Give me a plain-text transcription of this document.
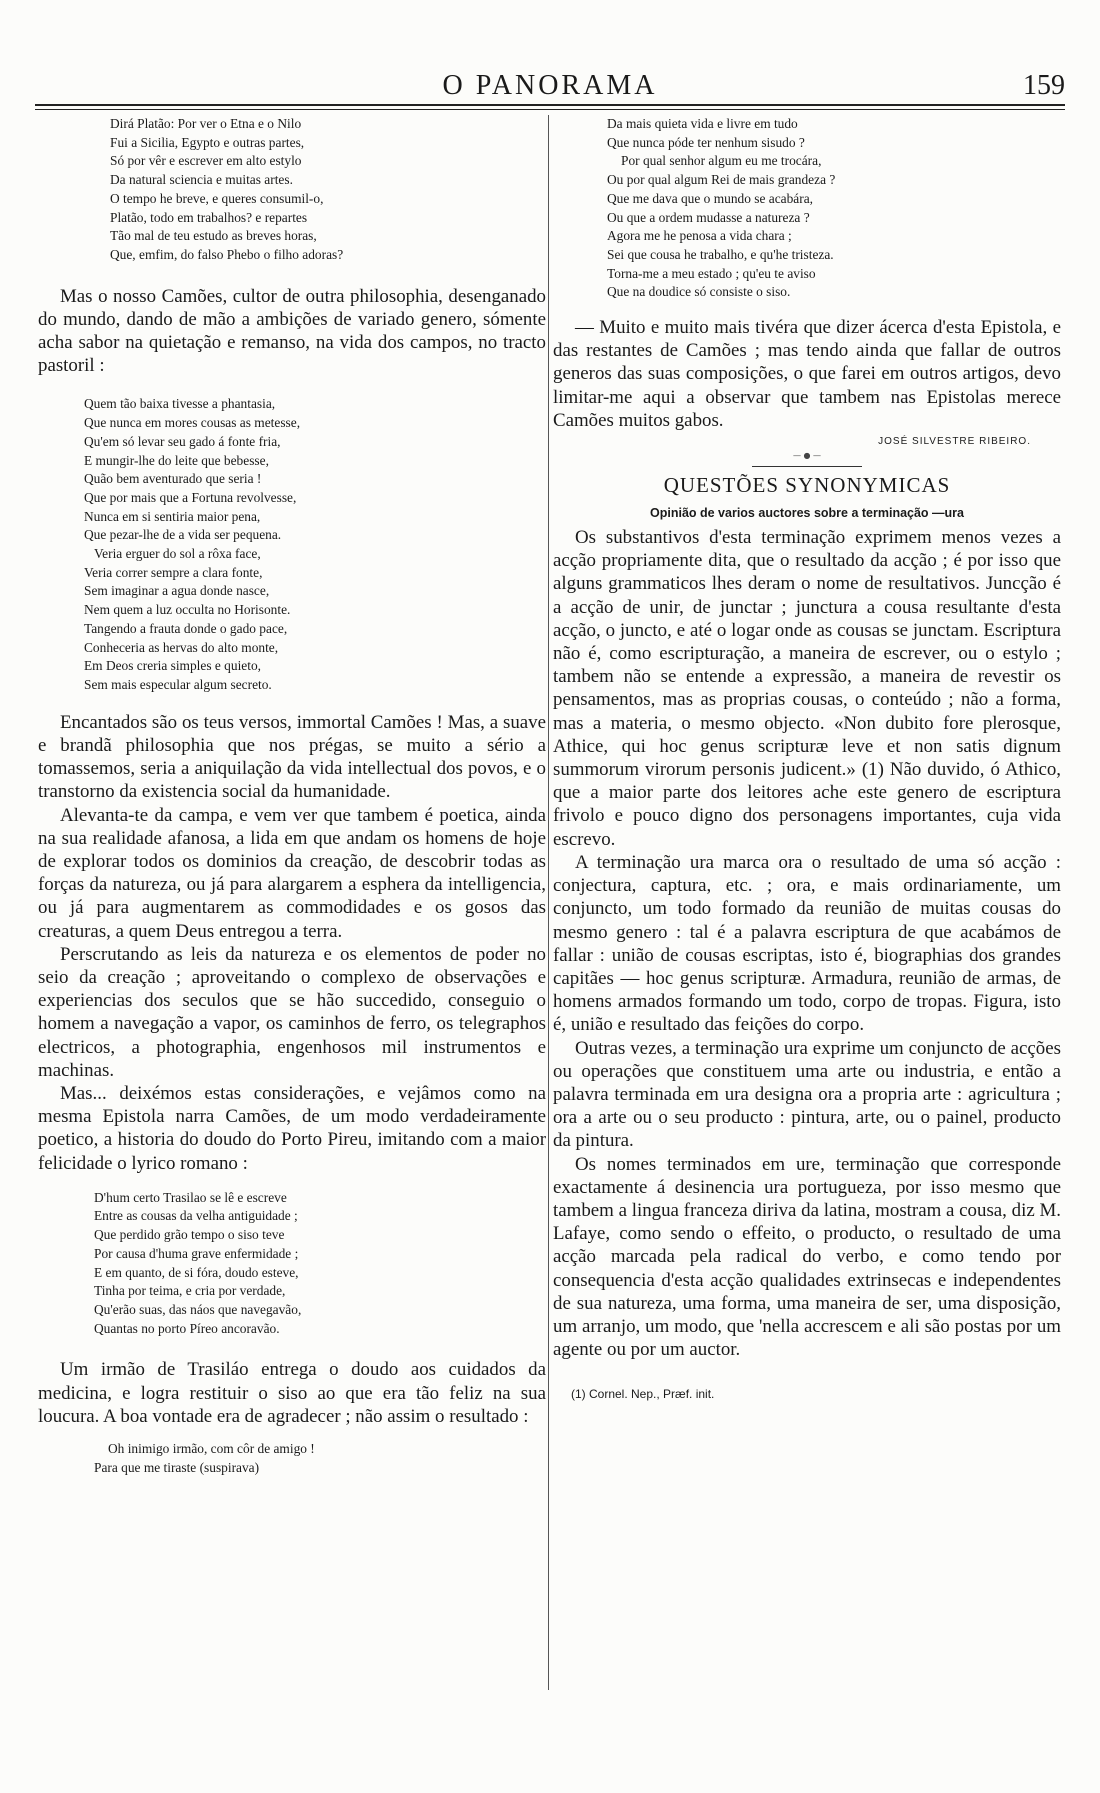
O PANORAMA	159
Dirá Platão: Por ver o Etna e o Nilo
Fui a Sicilia, Egypto e outras partes,
Só por vêr e escrever em alto estylo
Da natural sciencia e muitas artes.
O tempo he breve, e queres consumil-o,
Platão, todo em trabalhos? e repartes
Tão mal de teu estudo as breves horas,
Que, emfim, do falso Phebo o filho adoras?

Mas o nosso Camões, cultor de outra philosophia, desenganado do mundo, dando de mão a ambições de variado genero, sómente acha sabor na quietação e remanso, na vida dos campos, no tracto pastoril :

Quem tão baixa tivesse a phantasia,
Que nunca em mores cousas as metesse,
Qu'em só levar seu gado á fonte fria,
E mungir-lhe do leite que bebesse,
Quão bem aventurado que seria !
Que por mais que a Fortuna revolvesse,
Nunca em si sentiria maior pena,
Que pezar-lhe de a vida ser pequena.
Veria erguer do sol a rôxa face,
Veria correr sempre a clara fonte,
Sem imaginar a agua donde nasce,
Nem quem a luz occulta no Horisonte.
Tangendo a frauta donde o gado pace,
Conheceria as hervas do alto monte,
Em Deos creria simples e quieto,
Sem mais especular algum secreto.

Encantados são os teus versos, immortal Camões ! Mas, a suave e brandã philosophia que nos prégas, se muito a sério a tomassemos, seria a aniquilação da vida intellectual dos povos, e o transtorno da existencia social da humanidade.

Alevanta-te da campa, e vem ver que tambem é poetica, ainda na sua realidade afanosa, a lida em que andam os homens de hoje de explorar todos os dominios da creação, de descobrir todas as forças da natureza, ou já para alargarem a esphera da intelligencia, ou já para augmentarem as commodidades e os gosos das creaturas, a quem Deus entregou a terra.

Perscrutando as leis da natureza e os elementos de poder no seio da creação ; aproveitando o complexo de observações e experiencias dos seculos que se hão succedido, conseguio o homem a navegação a vapor, os caminhos de ferro, os telegraphos electricos, a photographia, engenhosos mil instrumentos e machinas.

Mas... deixémos estas considerações, e vejâmos como na mesma Epistola narra Camões, de um modo verdadeiramente poetico, a historia do doudo do Porto Pireu, imitando com a maior felicidade o lyrico romano :

D'hum certo Trasilao se lê e escreve
Entre as cousas da velha antiguidade ;
Que perdido grão tempo o siso teve
Por causa d'huma grave enfermidade ;
E em quanto, de si fóra, doudo esteve,
Tinha por teima, e cria por verdade,
Qu'erão suas, das náos que navegavão,
Quantas no porto Píreo ancoravão.

Um irmão de Trasiláo entrega o doudo aos cuidados da medicina, e logra restituir o siso ao que era tão feliz na sua loucura. A boa vontade era de agradecer ; não assim o resultado :

Oh inimigo irmão, com côr de amigo !
Para que me tiraste (suspirava)
Da mais quieta vida e livre em tudo
Que nunca póde ter nenhum sisudo ?
Por qual senhor algum eu me trocára,
Ou por qual algum Rei de mais grandeza ?
Que me dava que o mundo se acabára,
Ou que a ordem mudasse a natureza ?
Agora me he penosa a vida chara ;
Sei que cousa he trabalho, e qu'he tristeza.
Torna-me a meu estado ; qu'eu te aviso
Que na doudice só consiste o siso.

— Muito e muito mais tivéra que dizer ácerca d'esta Epistola, e das restantes de Camões ; mas tendo ainda que fallar de outros generos das suas composições, o que farei em outros artigos, devo limitar-me aqui a observar que tambem nas Epistolas merece Camões muitos gabos.

JOSÉ SILVESTRE RIBEIRO.
— ● —
QUESTÕES SYNONYMICAS
Opinião de varios auctores sobre a terminação —ura

Os substantivos d'esta terminação exprimem menos vezes a acção propriamente dita, que o resultado da acção ; é por isso que alguns grammaticos lhes deram o nome de resultativos. Juncção é a acção de unir, de junctar ; junctura a cousa resultante d'esta acção, o juncto, e até o logar onde as cousas se junctam. Escriptura não é, como escripturação, a maneira de escrever, ou o estylo ; tambem não se entende a expressão, a maneira de revestir os pensamentos, mas as proprias cousas, o conteúdo ; não a forma, mas a materia, o mesmo objecto. «Non dubito fore plerosque, Athice, qui hoc genus scripturæ leve et non satis dignum summorum virorum personis judicent.» (1) Não duvido, ó Athico, que a maior parte dos leitores ache este genero de escriptura frivolo e pouco digno dos personagens importantes, cuja vida escrevo.

A terminação ura marca ora o resultado de uma só acção : conjectura, captura, etc. ; ora, e mais ordinariamente, um conjuncto, um todo formado da reunião de muitas cousas do mesmo genero : tal é a palavra escriptura de que acabámos de fallar : união de cousas escriptas, isto é, biographias dos grandes capitães — hoc genus scripturæ. Armadura, reunião de armas, de homens armados formando um todo, corpo de tropas. Figura, isto é, união e resultado das feições do corpo.

Outras vezes, a terminação ura exprime um conjuncto de acções ou operações que constituem uma arte ou industria, e então a palavra terminada em ura designa ora a propria arte : agricultura ; ora a arte ou o seu producto : pintura, arte, ou o painel, producto da pintura.

Os nomes terminados em ure, terminação que corresponde exactamente á desinencia ura portugueza, por isso mesmo que tambem a lingua franceza diriva da latina, mostram a cousa, diz M. Lafaye, como sendo o effeito, o producto, o resultado de uma acção marcada pela radical do verbo, e como tendo por consequencia d'esta acção qualidades extrinsecas e independentes de sua natureza, uma forma, uma maneira de ser, uma disposição, um arranjo, um modo, que 'nella accrescem e ali são postas por um agente ou por um auctor.

(1) Cornel. Nep., Præf. init.
